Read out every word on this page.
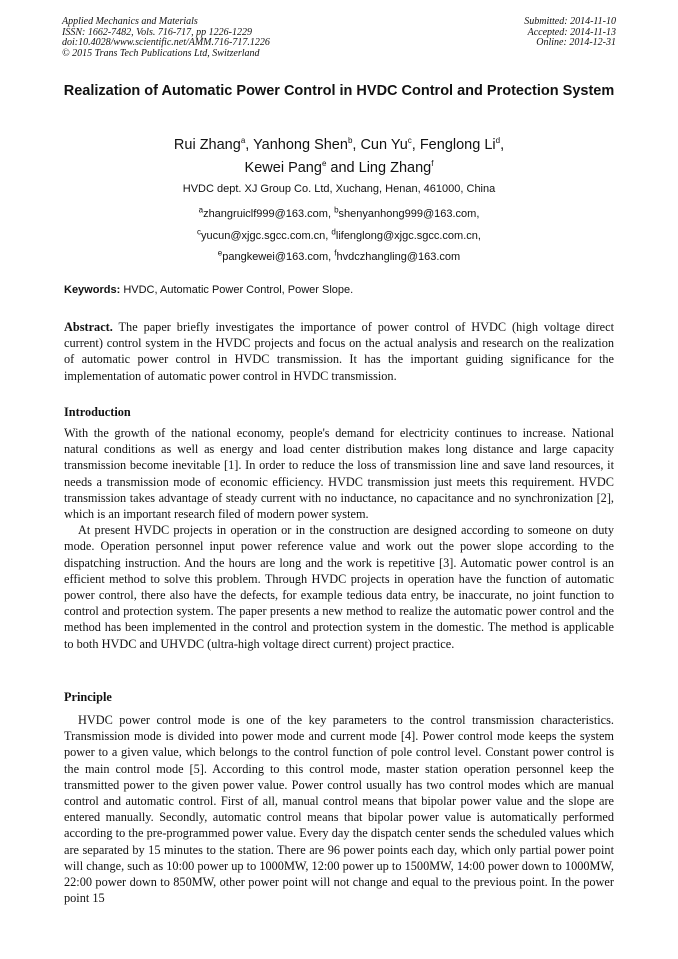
Applied Mechanics and Materials
ISSN: 1662-7482, Vols. 716-717, pp 1226-1229
doi:10.4028/www.scientific.net/AMM.716-717.1226
© 2015 Trans Tech Publications Ltd, Switzerland
Submitted: 2014-11-10
Accepted: 2014-11-13
Online: 2014-12-31
Realization of Automatic Power Control in HVDC Control and Protection System
Rui Zhang$^a$, Yanhong Shen$^b$, Cun Yu$^c$, Fenglong Li$^d$,
Kewei Pang$^e$ and Ling Zhang$^f$
HVDC dept. XJ Group Co. Ltd, Xuchang, Henan, 461000, China
$^a$zhangruiclf999@163.com, $^b$shenyanhong999@163.com,
$^c$yucun@xjgc.sgcc.com.cn, $^d$lifenglong@xjgc.sgcc.com.cn,
$^e$pangkewei@163.com, $^f$hvdczhangling@163.com
Keywords: HVDC, Automatic Power Control, Power Slope.

Abstract. The paper briefly investigates the importance of power control of HVDC (high voltage direct current) control system in the HVDC projects and focus on the actual analysis and research on the realization of automatic power control in HVDC transmission. It has the important guiding significance for the implementation of automatic power control in HVDC transmission.

Introduction

With the growth of the national economy, people's demand for electricity continues to increase. National natural conditions as well as energy and load center distribution makes long distance and large capacity transmission become inevitable [1]. In order to reduce the loss of transmission line and save land resources, it needs a transmission mode of economic efficiency. HVDC transmission just meets this requirement. HVDC transmission takes advantage of steady current with no inductance, no capacitance and no synchronization [2], which is an important research filed of modern power system.

At present HVDC projects in operation or in the construction are designed according to someone on duty mode. Operation personnel input power reference value and work out the power slope according to the dispatching instruction. And the hours are long and the work is repetitive [3]. Automatic power control is an efficient method to solve this problem. Through HVDC projects in operation have the function of automatic power control, there also have the defects, for example tedious data entry, be inaccurate, no joint function to control and protection system. The paper presents a new method to realize the automatic power control and the method has been implemented in the control and protection system in the domestic. The method is applicable to both HVDC and UHVDC (ultra-high voltage direct current) project practice.

Principle

HVDC power control mode is one of the key parameters to the control transmission characteristics. Transmission mode is divided into power mode and current mode [4]. Power control mode keeps the system power to a given value, which belongs to the control function of pole control level. Constant power control is the main control mode [5]. According to this control mode, master station operation personnel keep the transmitted power to the given power value. Power control usually has two control modes which are manual control and automatic control. First of all, manual control means that bipolar power value and the slope are entered manually. Secondly, automatic control means that bipolar power value is automatically performed according to the pre-programmed power value. Every day the dispatch center sends the scheduled values which are separated by 15 minutes to the station. There are 96 power points each day, which only partial power point will change, such as 10:00 power up to 1000MW, 12:00 power up to 1500MW, 14:00 power down to 1000MW, 22:00 power down to 850MW, other power point will not change and equal to the previous point. In the power point 15
